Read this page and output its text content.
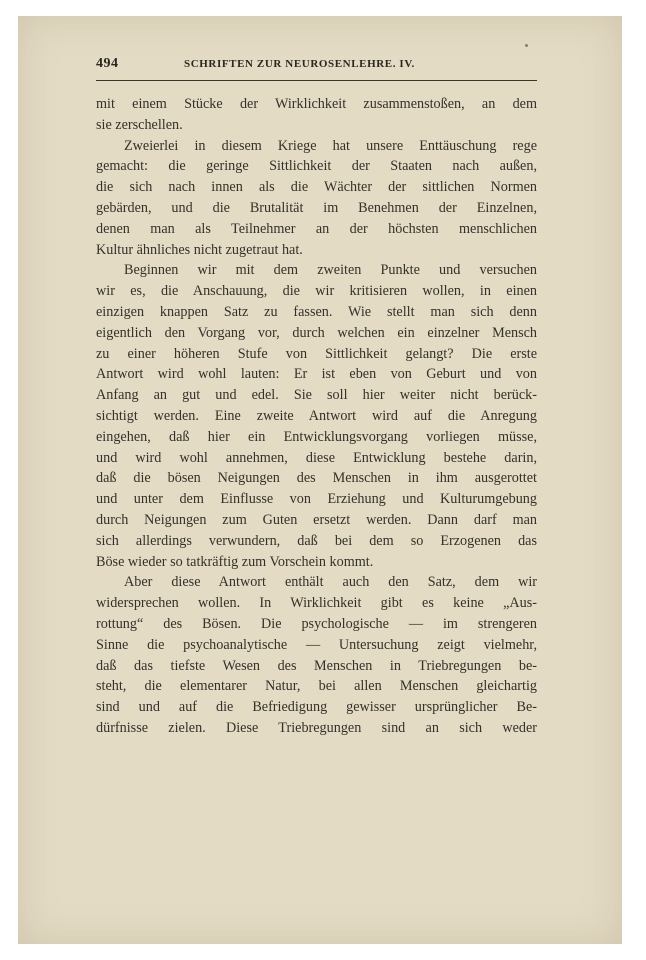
494	SCHRIFTEN ZUR NEUROSENLEHRE. IV.
mit einem Stücke der Wirklichkeit zusammenstoßen, an dem
sie zerschellen.
Zweierlei in diesem Kriege hat unsere Enttäuschung rege
gemacht: die geringe Sittlichkeit der Staaten nach außen,
die sich nach innen als die Wächter der sittlichen Normen
gebärden, und die Brutalität im Benehmen der Einzelnen,
denen man als Teilnehmer an der höchsten menschlichen
Kultur ähnliches nicht zugetraut hat.
Beginnen wir mit dem zweiten Punkte und versuchen
wir es, die Anschauung, die wir kritisieren wollen, in einen
einzigen knappen Satz zu fassen. Wie stellt man sich denn
eigentlich den Vorgang vor, durch welchen ein einzelner Mensch
zu einer höheren Stufe von Sittlichkeit gelangt? Die erste
Antwort wird wohl lauten: Er ist eben von Geburt und von
Anfang an gut und edel. Sie soll hier weiter nicht berück-
sichtigt werden. Eine zweite Antwort wird auf die Anregung
eingehen, daß hier ein Entwicklungsvorgang vorliegen müsse,
und wird wohl annehmen, diese Entwicklung bestehe darin,
daß die bösen Neigungen des Menschen in ihm ausgerottet
und unter dem Einflusse von Erziehung und Kulturumgebung
durch Neigungen zum Guten ersetzt werden. Dann darf man
sich allerdings verwundern, daß bei dem so Erzogenen das
Böse wieder so tatkräftig zum Vorschein kommt.
Aber diese Antwort enthält auch den Satz, dem wir
widersprechen wollen. In Wirklichkeit gibt es keine „Aus-
rottung“ des Bösen. Die psychologische — im strengeren
Sinne die psychoanalytische — Untersuchung zeigt vielmehr,
daß das tiefste Wesen des Menschen in Triebregungen be-
steht, die elementarer Natur, bei allen Menschen gleichartig
sind und auf die Befriedigung gewisser ursprünglicher Be-
dürfnisse zielen. Diese Triebregungen sind an sich weder
